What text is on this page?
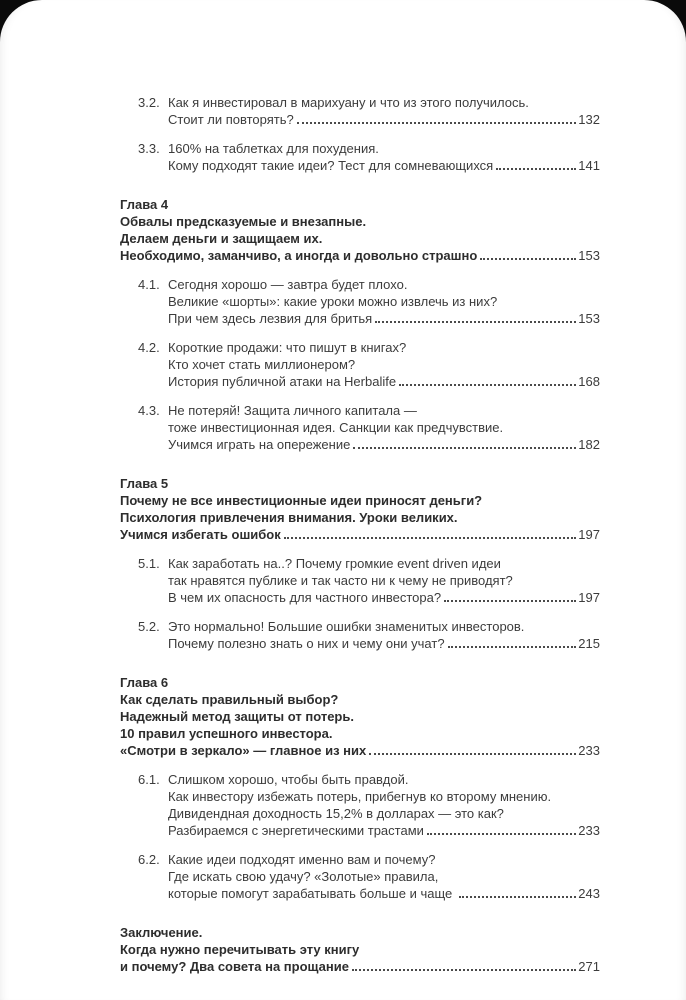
3.2. Как я инвестировал в марихуану и что из этого получилось.
Стоит ли повторять?	132
3.3. 160% на таблетках для похудения.
Кому подходят такие идеи? Тест для сомневающихся	141
Глава 4
Обвалы предсказуемые и внезапные.
Делаем деньги и защищаем их.
Необходимо, заманчиво, а иногда и довольно страшно	153
4.1. Сегодня хорошо — завтра будет плохо.
Великие «шорты»: какие уроки можно извлечь из них?
При чем здесь лезвия для бритья	153
4.2. Короткие продажи: что пишут в книгах?
Кто хочет стать миллионером?
История публичной атаки на Herbalife	168
4.3. Не потеряй! Защита личного капитала —
тоже инвестиционная идея. Санкции как предчувствие.
Учимся играть на опережение	182
Глава 5
Почему не все инвестиционные идеи приносят деньги?
Психология привлечения внимания. Уроки великих.
Учимся избегать ошибок	197
5.1. Как заработать на..? Почему громкие event driven идеи
так нравятся публике и так часто ни к чему не приводят?
В чем их опасность для частного инвестора?	197
5.2. Это нормально! Большие ошибки знаменитых инвесторов.
Почему полезно знать о них и чему они учат?	215
Глава 6
Как сделать правильный выбор?
Надежный метод защиты от потерь.
10 правил успешного инвестора.
«Смотри в зеркало» — главное из них	233
6.1. Слишком хорошо, чтобы быть правдой.
Как инвестору избежать потерь, прибегнув ко второму мнению.
Дивидендная доходность 15,2% в долларах — это как?
Разбираемся с энергетическими трастами	233
6.2. Какие идеи подходят именно вам и почему?
Где искать свою удачу? «Золотые» правила,
которые помогут зарабатывать больше и чаще	243
Заключение.
Когда нужно перечитывать эту книгу
и почему? Два совета на прощание	271
